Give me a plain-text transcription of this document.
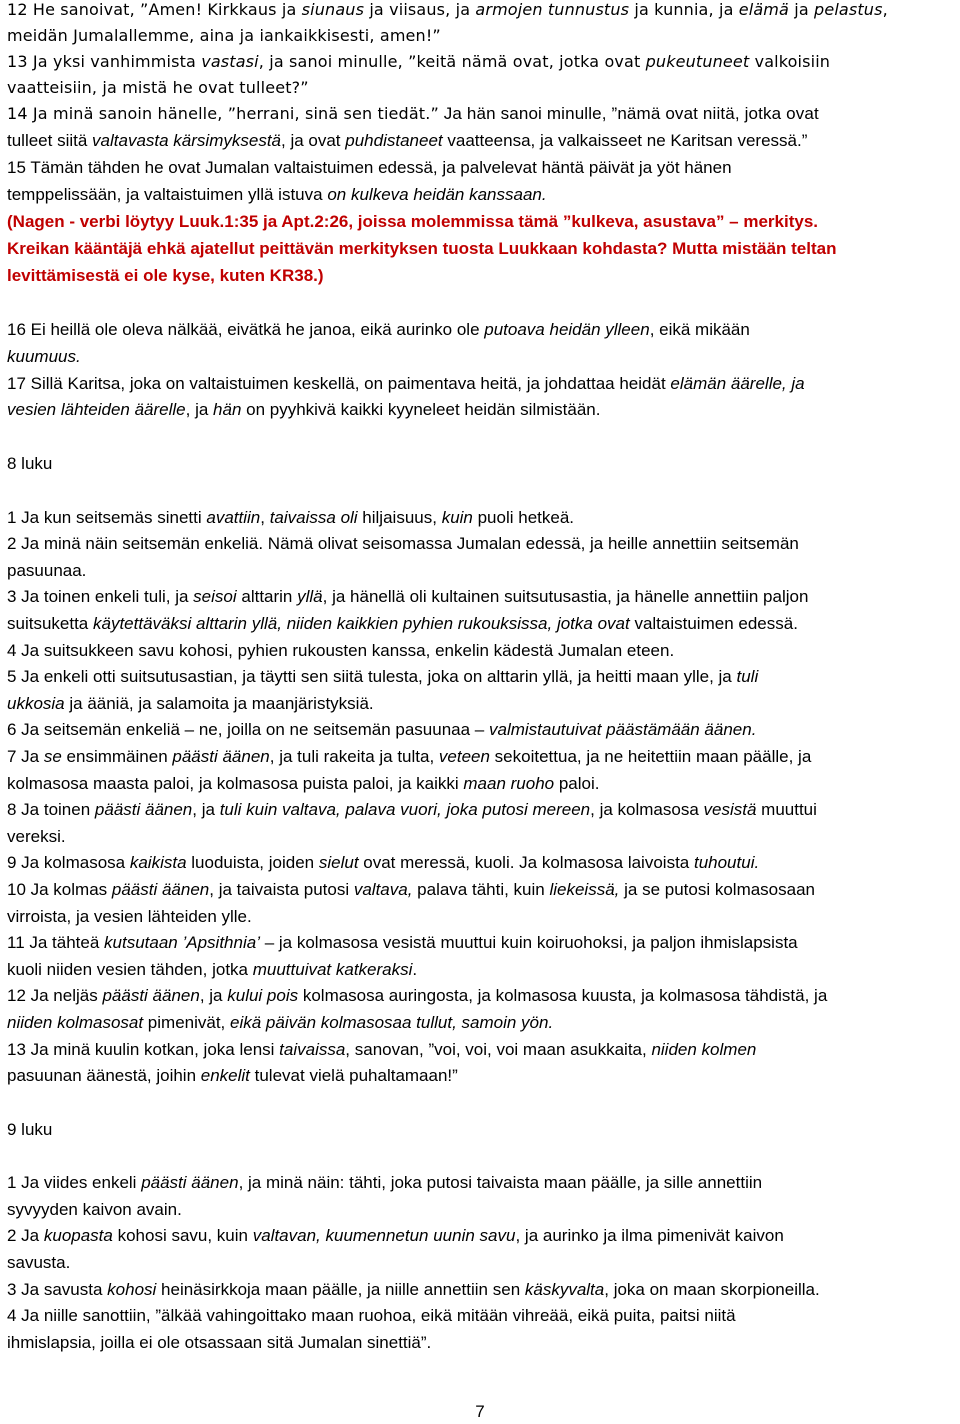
12 He sanoivat, ”Amen! Kirkkaus ja siunaus ja viisaus, ja armojen tunnustus ja kunnia, ja elämä ja pelastus,
meidän Jumalallemme, aina ja iankaikkisesti, amen!”
13 Ja yksi vanhimmista vastasi, ja sanoi minulle, ”keitä nämä ovat, jotka ovat pukeutuneet valkoisiin
vaatteisiin, ja mistä he ovat tulleet?”
14 Ja minä sanoin hänelle, ”herrani, sinä sen tiedät.” Ja hän sanoi minulle, ”nämä ovat niitä, jotka ovat
tulleet siitä valtavasta kärsimyksestä, ja ovat puhdistaneet vaatteensa, ja valkaisseet ne Karitsan veressä.”
15 Tämän tähden he ovat Jumalan valtaistuimen edessä, ja palvelevat häntä päivät ja yöt hänen
temppelissään, ja valtaistuimen yllä istuva on kulkeva heidän kanssaan.
(Nagen - verbi löytyy Luuk.1:35 ja Apt.2:26, joissa molemmissa tämä ”kulkeva, asustava” – merkitys.
Kreikan kääntäjä ehkä ajatellut peittävän merkityksen tuosta Luukkaan kohdasta? Mutta mistään teltan
levittämisestä ei ole kyse, kuten KR38.)
16 Ei heillä ole oleva nälkää, eivätkä he janoa, eikä aurinko ole putoava heidän ylleen, eikä mikään
kuumuus.
17 Sillä Karitsa, joka on valtaistuimen keskellä, on paimentava heitä, ja johdattaa heidät elämän äärelle, ja
vesien lähteiden äärelle, ja hän on pyyhkivä kaikki kyyneleet heidän silmistään.
8 luku
1 Ja kun seitsemäs sinetti avattiin, taivaissa oli hiljaisuus, kuin puoli hetkeä.
2 Ja minä näin seitsemän enkeliä. Nämä olivat seisomassa Jumalan edessä, ja heille annettiin seitsemän
pasuunaa.
3 Ja toinen enkeli tuli, ja seisoi alttarin yllä, ja hänellä oli kultainen suitsutusastia, ja hänelle annettiin paljon
suitsuketta käytettäväksi alttarin yllä, niiden kaikkien pyhien rukouksissa, jotka ovat valtaistuimen edessä.
4 Ja suitsukkeen savu kohosi, pyhien rukousten kanssa, enkelin kädestä Jumalan eteen.
5 Ja enkeli otti suitsutusastian, ja täytti sen siitä tulesta, joka on alttarin yllä, ja heitti maan ylle, ja tuli
ukkosia ja ääniä, ja salamoita ja maanjäristyksiä.
6 Ja seitsemän enkeliä – ne, joilla on ne seitsemän pasuunaa – valmistautuivat päästämään äänen.
7 Ja se ensimmäinen päästi äänen, ja tuli rakeita ja tulta, veteen sekoitettua, ja ne heitettiin maan päälle, ja
kolmasosa maasta paloi, ja kolmasosa puista paloi, ja kaikki maan ruoho paloi.
8 Ja toinen päästi äänen, ja tuli kuin valtava, palava vuori, joka putosi mereen, ja kolmasosa vesistä muuttui
vereksi.
9 Ja kolmasosa kaikista luoduista, joiden sielut ovat meressä, kuoli. Ja kolmasosa laivoista tuhoutui.
10 Ja kolmas päästi äänen, ja taivaista putosi valtava, palava tähti, kuin liekeissä, ja se putosi kolmasosaan
virroista, ja vesien lähteiden ylle.
11 Ja tähteä kutsutaan ’Apsithnia’ – ja kolmasosa vesistä muuttui kuin koiruohoksi, ja paljon ihmislapsista
kuoli niiden vesien tähden, jotka muuttuivat katkeraksi.
12 Ja neljäs päästi äänen, ja kului pois kolmasosa auringosta, ja kolmasosa kuusta, ja kolmasosa tähdistä, ja
niiden kolmasosat pimenivät, eikä päivän kolmasosaa tullut, samoin yön.
13 Ja minä kuulin kotkan, joka lensi taivaissa, sanovan, ”voi, voi, voi maan asukkaita, niiden kolmen
pasuunan äänestä, joihin enkelit tulevat vielä puhaltamaan!”
9 luku
1 Ja viides enkeli päästi äänen, ja minä näin: tähti, joka putosi taivaista maan päälle, ja sille annettiin
syvyyden kaivon avain.
2 Ja kuopasta kohosi savu, kuin valtavan, kuumennetun uunin savu, ja aurinko ja ilma pimenivät kaivon
savusta.
3 Ja savusta kohosi heinäsirkkoja maan päälle, ja niille annettiin sen käskyvalta, joka on maan skorpioneilla.
4 Ja niille sanottiin, ”älkää vahingoittako maan ruohoa, eikä mitään vihreää, eikä puita, paitsi niitä
ihmislapsia, joilla ei ole otsassaan sitä Jumalan sinettiä”.
7
